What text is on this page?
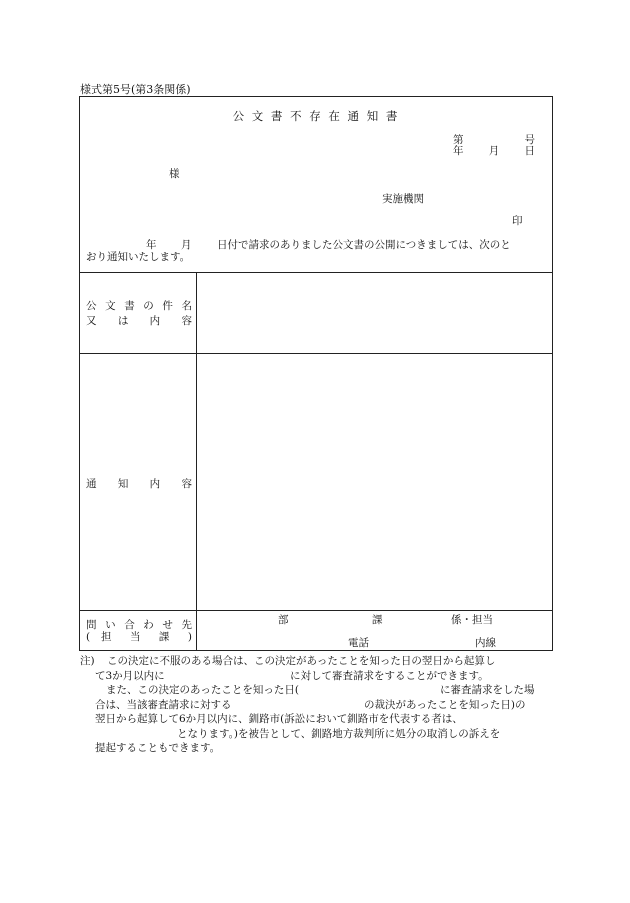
様式第5号(第3条関係)
公 文 書 不 存 在 通 知 書
第	号
年 月 日
様
実施機関
印
年 月 日付で請求のありました公文書の公開につきましては、次のと
おり通知いたします。
公 文 書 の 件 名
又 は 内 容
通 知 内 容
問 い 合 わ せ 先
( 担 当 課 )
部	課	係・担当
電話	内線
注) この決定に不服のある場合は、この決定があったことを知った日の翌日から起算し
て3か月以内に	に対して審査請求をすることができます。
また、この決定のあったことを知った日(	に審査請求をした場
合は、当該審査請求に対する	の裁決があったことを知った日)の
翌日から起算して6か月以内に、釧路市(訴訟において釧路市を代表する者は、
となります。)を被告として、釧路地方裁判所に処分の取消しの訴えを
提起することもできます。
